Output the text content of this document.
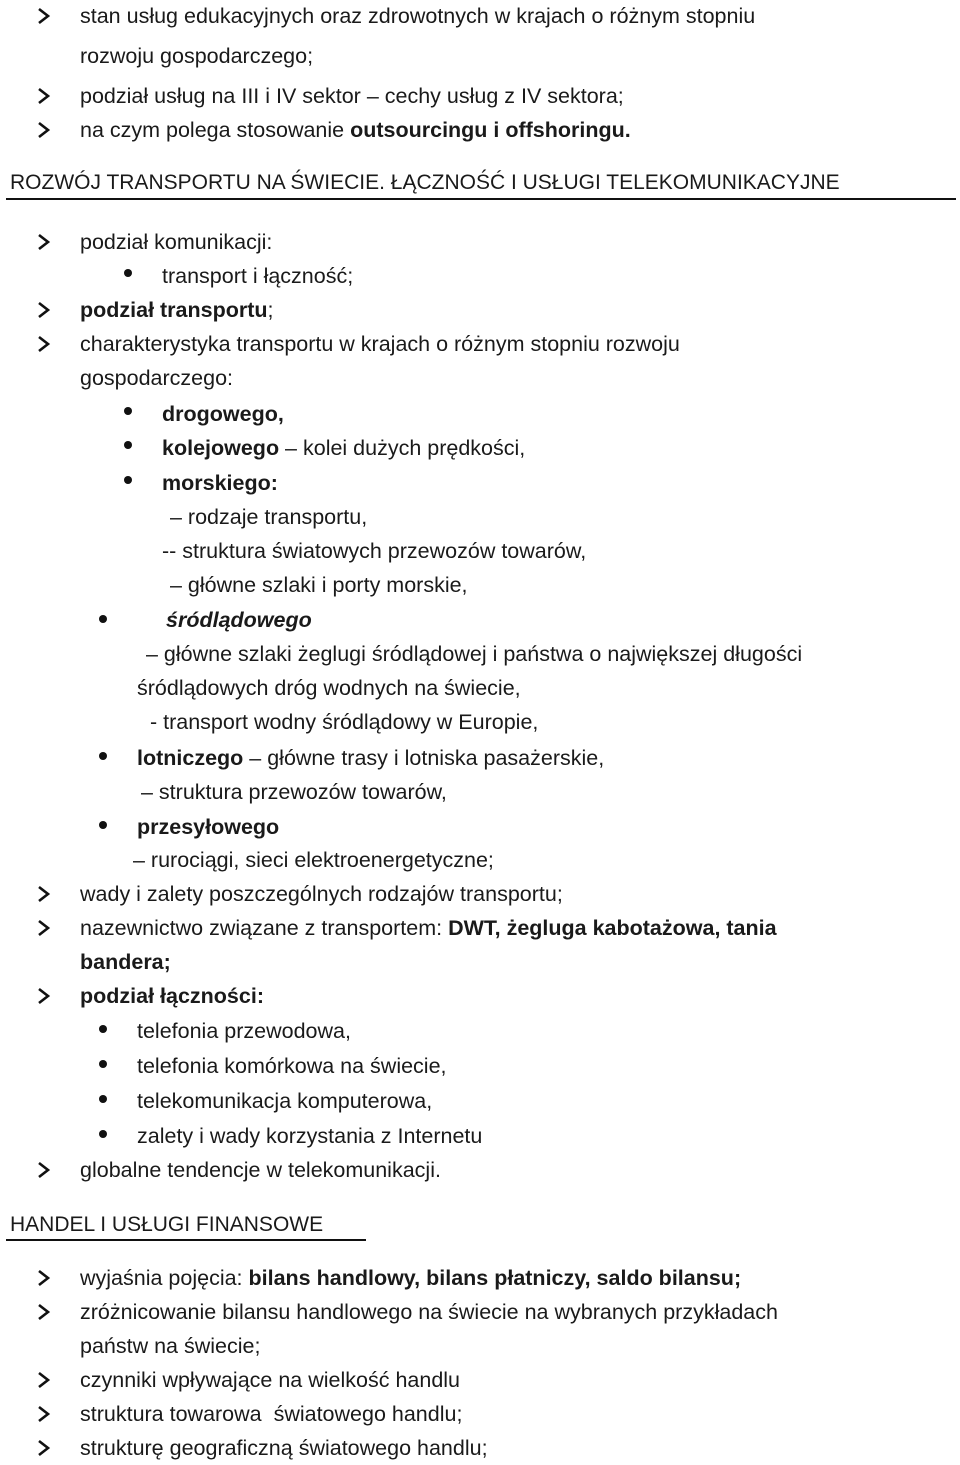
stan usług edukacyjnych oraz zdrowotnych w krajach o różnym stopniu
rozwoju gospodarczego;
podział usług na III i IV sektor – cechy usług z IV sektora;
na czym polega stosowanie outsourcingu i offshoringu.
ROZWÓJ TRANSPORTU NA ŚWIECIE. ŁĄCZNOŚĆ I USŁUGI TELEKOMUNIKACYJNE
podział komunikacji:
transport i łączność;
podział transportu;
charakterystyka transportu w krajach o różnym stopniu rozwoju
gospodarczego:
drogowego,
kolejowego – kolei dużych prędkości,
morskiego:
– rodzaje transportu,
-- struktura światowych przewozów towarów,
– główne szlaki i porty morskie,
śródlądowego
– główne szlaki żeglugi śródlądowej i państwa o największej długości
śródlądowych dróg wodnych na świecie,
- transport wodny śródlądowy w Europie,
lotniczego – główne trasy i lotniska pasażerskie,
– struktura przewozów towarów,
przesyłowego
– rurociągi, sieci elektroenergetyczne;
wady i zalety poszczególnych rodzajów transportu;
nazewnictwo związane z transportem: DWT, żegluga kabotażowa, tania
bandera;
podział łączności:
telefonia przewodowa,
telefonia komórkowa na świecie,
telekomunikacja komputerowa,
zalety i wady korzystania z Internetu
globalne tendencje w telekomunikacji.
HANDEL I USŁUGI FINANSOWE
wyjaśnia pojęcia: bilans handlowy, bilans płatniczy, saldo bilansu;
zróżnicowanie bilansu handlowego na świecie na wybranych przykładach
państw na świecie;
czynniki wpływające na wielkość handlu
struktura towarowa  światowego handlu;
strukturę geograficzną światowego handlu;
